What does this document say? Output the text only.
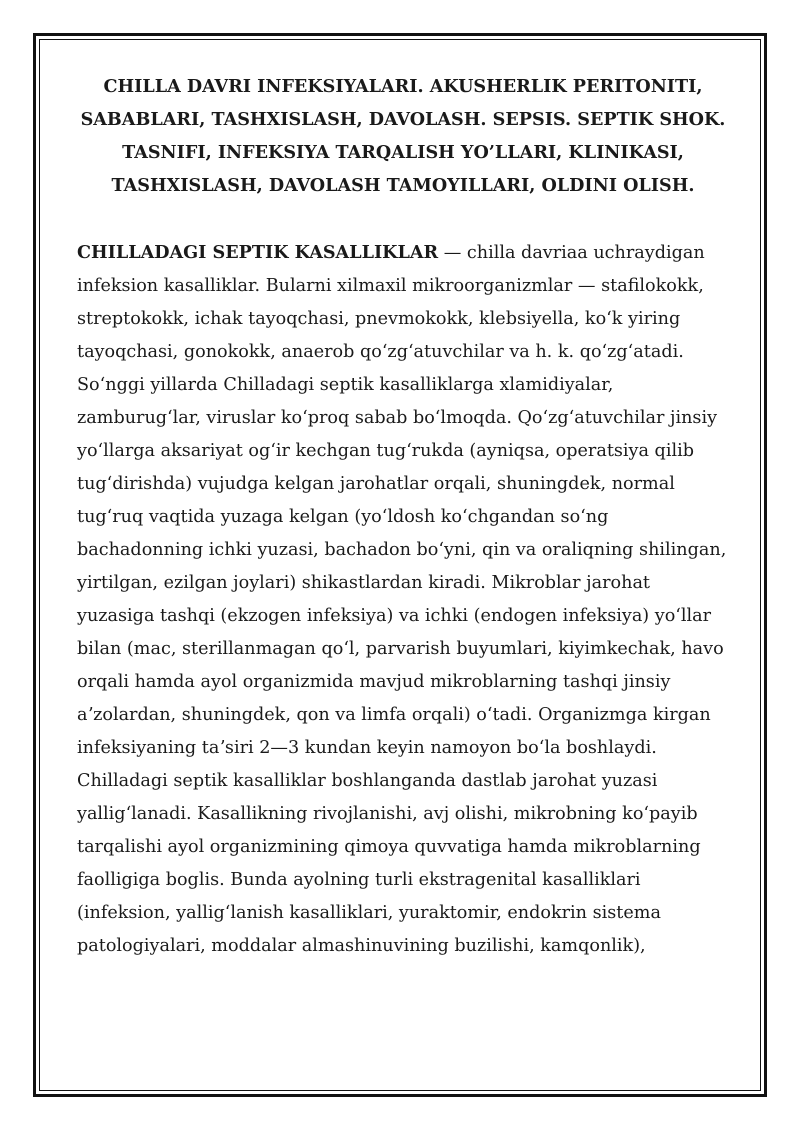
CHILLA DAVRI INFEKSIYALARI. AKUSHERLIK PERITONITI, SABABLARI, TASHXISLASH, DAVOLASH. SEPSIS. SEPTIK SHOK. TASNIFI, INFEKSIYA TARQALISH YO’LLARI, KLINIKASI, TASHXISLASH, DAVOLASH TAMOYILLARI, OLDINI OLISH.

CHILLADAGI SEPTIK KASALLIKLAR — chilla davriaa uchraydigan infeksion kasalliklar. Bularni xilmaxil mikroorganizmlar — stafilokokk, streptokokk, ichak tayoqchasi, pnevmokokk, klebsiyella, koʻk yiring tayoqchasi, gonokokk, anaerob qoʻzgʻatuvchilar va h. k. qoʻzgʻatadi. Soʻnggi yillarda Chilladagi septik kasalliklarga xlamidiyalar, zamburugʻlar, viruslar koʻproq sabab boʻlmoqda. Qoʻzgʻatuvchilar jinsiy yoʻllarga aksariyat ogʻir kechgan tugʻrukda (ayniqsa, operatsiya qilib tugʻdirishda) vujudga kelgan jarohatlar orqali, shuningdek, normal tugʻruq vaqtida yuzaga kelgan (yoʻldosh koʻchgandan soʻng bachadonning ichki yuzasi, bachadon boʻyni, qin va oraliqning shilingan, yirtilgan, ezilgan joylari) shikastlardan kiradi. Mikroblar jarohat yuzasiga tashqi (ekzogen infeksiya) va ichki (endogen infeksiya) yoʻllar bilan (mac, sterillanmagan qoʻl, parvarish buyumlari, kiyimkechak, havo orqali hamda ayol organizmida mavjud mikroblarning tashqi jinsiy aʼzolardan, shuningdek, qon va limfa orqali) oʻtadi. Organizmga kirgan infeksiyaning taʼsiri 2—3 kundan keyin namoyon boʻla boshlaydi. Chilladagi septik kasalliklar boshlanganda dastlab jarohat yuzasi yalligʻlanadi. Kasallikning rivojlanishi, avj olishi, mikrobning koʻpayib tarqalishi ayol organizmining qimoya quvvatiga hamda mikroblarning faolligiga boglis. Bunda ayolning turli ekstragenital kasalliklari (infeksion, yalligʻlanish kasalliklari, yuraktomir, endokrin sistema patologiyalari, moddalar almashinuvining buzilishi, kamqonlik),
